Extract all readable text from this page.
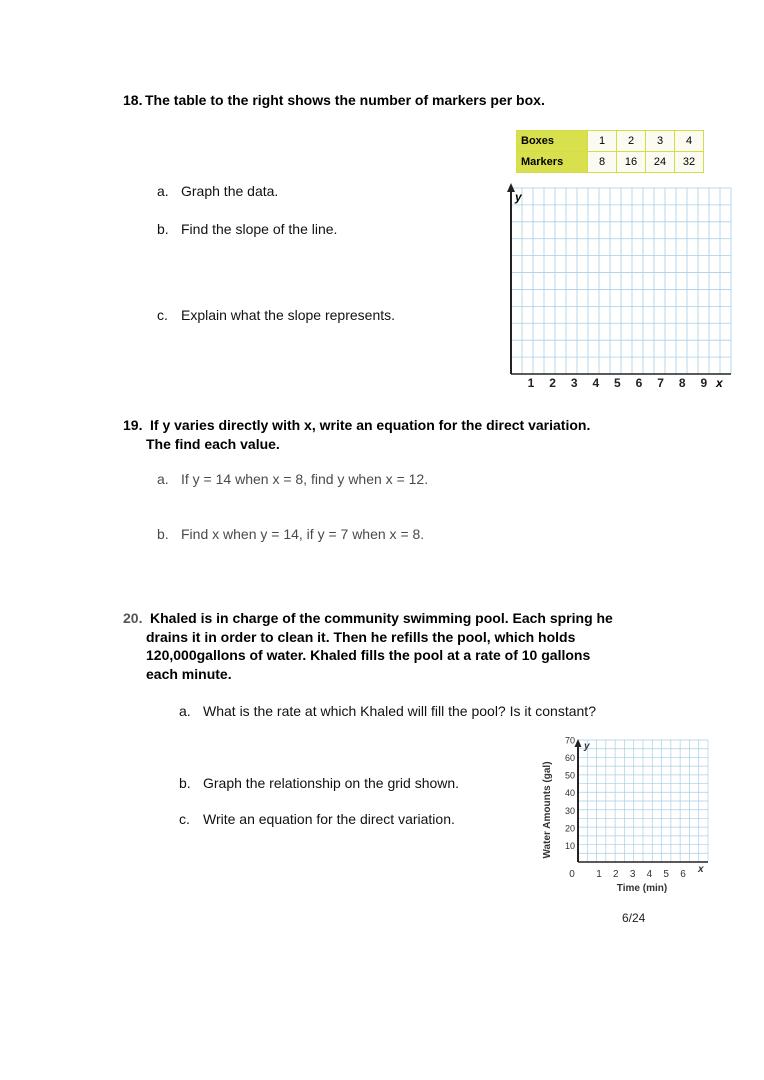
18. The table to the right shows the number of markers per box.
a. Graph the data.
b. Find the slope of the line.
c. Explain what the slope represents.
Boxes	1	2	3	4
Markers	8	16	24	32
y
1 2 3 4 5 6 7 8 9 x
19. If y varies directly with x, write an equation for the direct variation.
The find each value.
a. If y = 14 when x = 8, find y when x = 12.
b. Find x when y = 14, if y = 7 when x = 8.
20. Khaled is in charge of the community swimming pool. Each spring he
drains it in order to clean it. Then he refills the pool, which holds
120,000gallons of water. Khaled fills the pool at a rate of 10 gallons
each minute.
a. What is the rate at which Khaled will fill the pool? Is it constant?
b. Graph the relationship on the grid shown.
c. Write an equation for the direct variation.	Water Amounts (gal)
y
10
20
30
40
50
60
70
1 2 3 4 5 6
0	x
Time (min)
6/24
